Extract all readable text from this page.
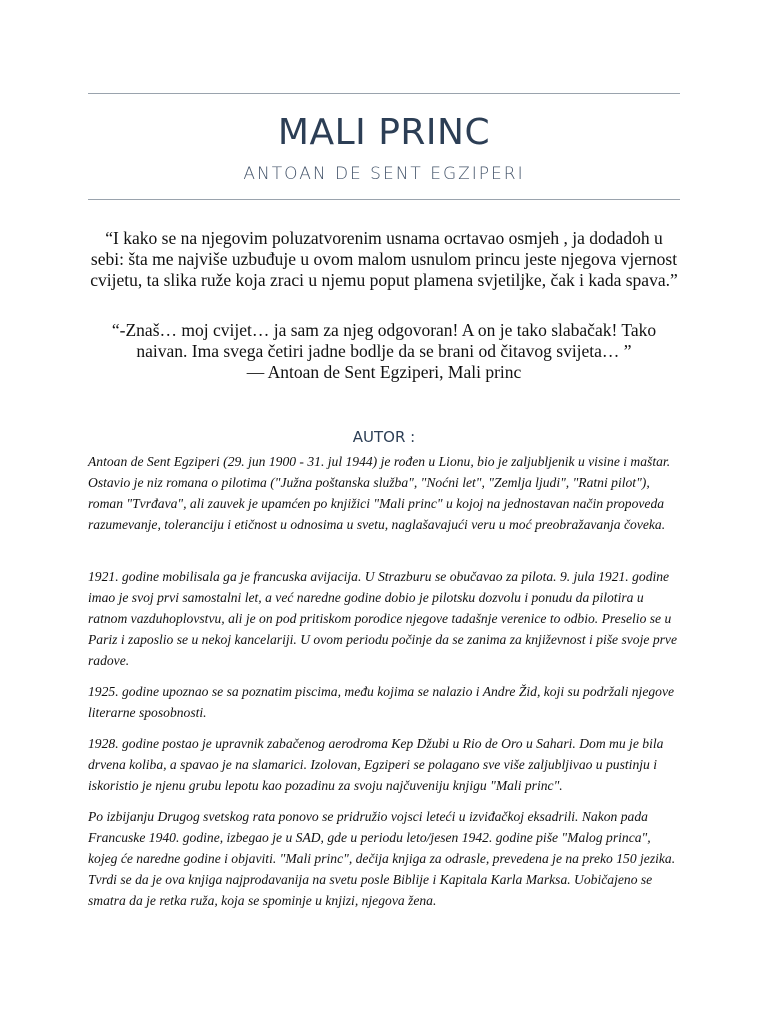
MALI PRINC
ANTOAN DE SENT EGZIPERI
“I kako se na njegovim poluzatvorenim usnama ocrtavao osmjeh , ja dodadoh u sebi: šta me najviše uzbuđuje u ovom malom usnulom princu jeste njegova vjernost cvijetu, ta slika ruže koja zraci u njemu poput plamena svjetiljke, čak i kada spava.”
“-Znaš… moj cvijet… ja sam za njeg odgovoran! A on je tako slabačak! Tako naivan. Ima svega četiri jadne bodlje da se brani od čitavog svijeta… ”
― Antoan de Sent Egziperi, Mali princ
AUTOR :

Antoan de Sent Egziperi (29. jun 1900 - 31. jul 1944) je rođen u Lionu, bio je zaljubljenik u visine i maštar. Ostavio je niz romana o pilotima ("Južna poštanska služba", "Noćni let", "Zemlja ljudi", "Ratni pilot"), roman "Tvrđava", ali zauvek je upamćen po knjižici "Mali princ" u kojoj na jednostavan način propoveda razumevanje, toleranciju i etičnost u odnosima u svetu, naglašavajući veru u moć preobražavanja čoveka.

1921. godine mobilisala ga je francuska avijacija. U Strazburu se obučavao za pilota. 9. jula 1921. godine imao je svoj prvi samostalni let, a već naredne godine dobio je pilotsku dozvolu i ponudu da pilotira u ratnom vazduhoplovstvu, ali je on pod pritiskom porodice njegove tadašnje verenice to odbio. Preselio se u Pariz i zaposlio se u nekoj kancelariji. U ovom periodu počinje da se zanima za književnost i piše svoje prve radove.

1925. godine upoznao se sa poznatim piscima, među kojima se nalazio i Andre Žid, koji su podržali njegove literarne sposobnosti.

1928. godine postao je upravnik zabačenog aerodroma Kep Džubi u Rio de Oro u Sahari. Dom mu je bila drvena koliba, a spavao je na slamarici. Izolovan, Egziperi se polagano sve više zaljubljivao u pustinju i iskoristio je njenu grubu lepotu kao pozadinu za svoju najčuveniju knjigu "Mali princ".

Po izbijanju Drugog svetskog rata ponovo se pridružio vojsci leteći u izviđačkoj eksadrili. Nakon pada Francuske 1940. godine, izbegao je u SAD, gde u periodu leto/jesen 1942. godine piše "Malog princa", kojeg će naredne godine i objaviti. "Mali princ", dečija knjiga za odrasle, prevedena je na preko 150 jezika. Tvrdi se da je ova knjiga najprodavanija na svetu posle Biblije i Kapitala Karla Marksa. Uobičajeno se smatra da je retka ruža, koja se spominje u knjizi, njegova žena.
